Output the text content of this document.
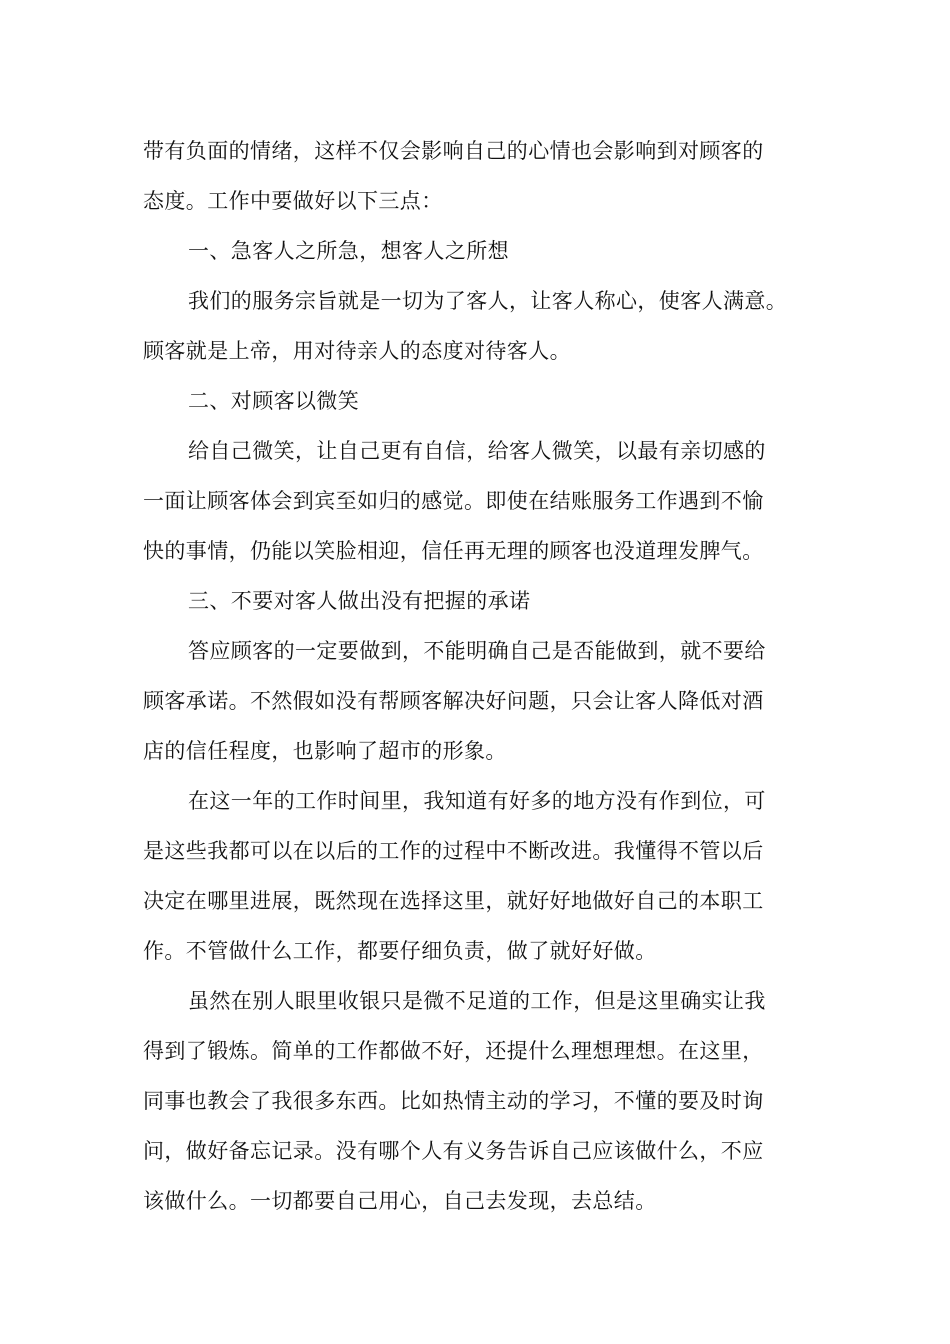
带有负面的情绪，这样不仅会影响自己的心情也会影响到对顾客的
态度。工作中要做好以下三点：
一、急客人之所急，想客人之所想
我们的服务宗旨就是一切为了客人，让客人称心，使客人满意。
顾客就是上帝，用对待亲人的态度对待客人。
二、对顾客以微笑
给自己微笑，让自己更有自信，给客人微笑，以最有亲切感的
一面让顾客体会到宾至如归的感觉。即使在结账服务工作遇到不愉
快的事情，仍能以笑脸相迎，信任再无理的顾客也没道理发脾气。
三、不要对客人做出没有把握的承诺
答应顾客的一定要做到，不能明确自己是否能做到，就不要给
顾客承诺。不然假如没有帮顾客解决好问题，只会让客人降低对酒
店的信任程度，也影响了超市的形象。
在这一年的工作时间里，我知道有好多的地方没有作到位，可
是这些我都可以在以后的工作的过程中不断改进。我懂得不管以后
决定在哪里进展，既然现在选择这里，就好好地做好自己的本职工
作。不管做什么工作，都要仔细负责，做了就好好做。
虽然在别人眼里收银只是微不足道的工作，但是这里确实让我
得到了锻炼。简单的工作都做不好，还提什么理想理想。在这里，
同事也教会了我很多东西。比如热情主动的学习，不懂的要及时询
问，做好备忘记录。没有哪个人有义务告诉自己应该做什么，不应
该做什么。一切都要自己用心，自己去发现，去总结。
